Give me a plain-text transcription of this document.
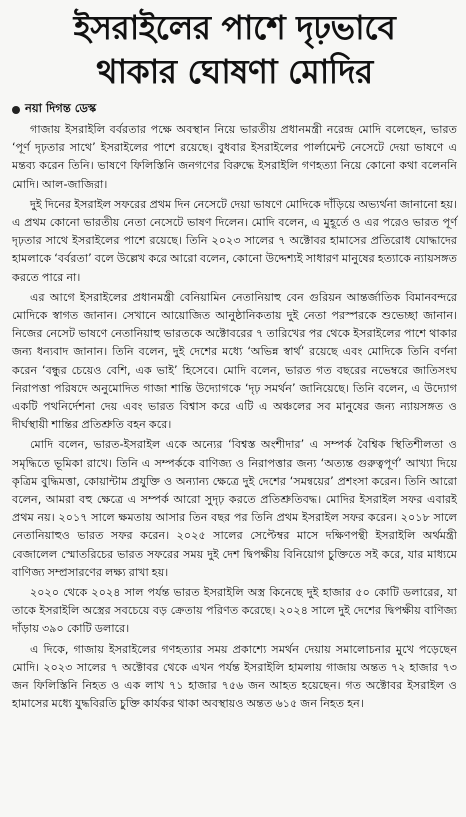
ইসরাইলের পাশে দৃঢ়ভাবে
থাকার ঘোষণা মোদির
নয়া দিগন্ত ডেস্ক

গাজায় ইসরাইলি বর্বরতার পক্ষে অবস্থান নিয়ে ভারতীয় প্রধানমন্ত্রী নরেন্দ্র মোদি বলেছেন, ভারত ‘পূর্ণ দৃঢ়তার সাথে’ ইসরাইলের পাশে রয়েছে। বুধবার ইসরাইলের পার্লামেন্ট নেসেটে দেয়া ভাষণে এ মন্তব্য করেন তিনি। ভাষণে ফিলিস্তিনি জনগণের বিরুদ্ধে ইসরাইলি গণহত্যা নিয়ে কোনো কথা বলেননি মোদি। আল-জাজিরা।

দুই দিনের ইসরাইল সফরের প্রথম দিন নেসেটে দেয়া ভাষণে মোদিকে দাঁড়িয়ে অভ্যর্থনা জানানো হয়। এ প্রথম কোনো ভারতীয় নেতা নেসেটে ভাষণ দিলেন। মোদি বলেন, এ মুহূর্তে ও এর পরেও ভারত পূর্ণ দৃঢ়তার সাথে ইসরাইলের পাশে রয়েছে। তিনি ২০২৩ সালের ৭ অক্টোবর হামাসের প্রতিরোধ যোদ্ধাদের হামলাকে ‘বর্বরতা’ বলে উল্লেখ করে আরো বলেন, কোনো উদ্দেশ্যই সাধারণ মানুষের হত্যাকে ন্যায়সঙ্গত করতে পারে না।

এর আগে ইসরাইলের প্রধানমন্ত্রী বেনিয়ামিন নেতানিয়াহু বেন গুরিয়ন আন্তর্জাতিক বিমানবন্দরে মোদিকে স্বাগত জানান। সেখানে আয়োজিত আনুষ্ঠানিকতায় দুই নেতা পরস্পরকে শুভেচ্ছা জানান। নিজের নেসেট ভাষণে নেতানিয়াহু ভারতকে অক্টোবরের ৭ তারিখের পর থেকে ইসরাইলের পাশে থাকার জন্য ধন্যবাদ জানান। তিনি বলেন, দুই দেশের মধ্যে ‘অভিন্ন স্বার্থ’ রয়েছে এবং মোদিকে তিনি বর্ণনা করেন ‘বন্ধুর চেয়েও বেশি, এক ভাই’ হিসেবে। মোদি বলেন, ভারত গত বছরের নভেম্বরে জাতিসংঘ নিরাপত্তা পরিষদে অনুমোদিত গাজা শান্তি উদ্যোগকে ‘দৃঢ় সমর্থন’ জানিয়েছে। তিনি বলেন, এ উদ্যোগ একটি পথনির্দেশনা দেয় এবং ভারত বিশ্বাস করে এটি এ অঞ্চলের সব মানুষের জন্য ন্যায়সঙ্গত ও দীর্ঘস্থায়ী শান্তির প্রতিশ্রুতি বহন করে।

মোদি বলেন, ভারত-ইসরাইল একে অন্যের ‘বিশ্বস্ত অংশীদার’ এ সম্পর্ক বৈশ্বিক স্থিতিশীলতা ও সমৃদ্ধিতে ভূমিকা রাখে। তিনি এ সম্পর্ককে বাণিজ্য ও নিরাপত্তার জন্য ‘অত্যন্ত গুরুত্বপূর্ণ’ আখ্যা দিয়ে কৃত্রিম বুদ্ধিমত্তা, কোয়ান্টাম প্রযুক্তি ও অন্যান্য ক্ষেত্রে দুই দেশের ‘সমন্বয়ের’ প্রশংসা করেন। তিনি আরো বলেন, আমরা বহু ক্ষেত্রে এ সম্পর্ক আরো সুদৃঢ় করতে প্রতিশ্রুতিবদ্ধ। মোদির ইসরাইল সফর এবারই প্রথম নয়। ২০১৭ সালে ক্ষমতায় আসার তিন বছর পর তিনি প্রথম ইসরাইল সফর করেন। ২০১৮ সালে নেতানিয়াহুও ভারত সফর করেন। ২০২৫ সালের সেপ্টেম্বর মাসে দক্ষিণপন্থী ইসরাইলি অর্থমন্ত্রী বেজালেল স্মোতরিচের ভারত সফরের সময় দুই দেশ দ্বিপক্ষীয় বিনিয়োগ চুক্তিতে সই করে, যার মাধ্যমে বাণিজ্য সম্প্রসারণের লক্ষ্য রাখা হয়।

২০২০ থেকে ২০২৪ সাল পর্যন্ত ভারত ইসরাইলি অস্ত্র কিনেছে দুই হাজার ৫০ কোটি ডলারের, যা তাকে ইসরাইলি অস্ত্রের সবচেয়ে বড় ক্রেতায় পরিণত করেছে। ২০২৪ সালে দুই দেশের দ্বিপক্ষীয় বাণিজ্য দাঁড়ায় ৩৯০ কোটি ডলারে।

এ দিকে, গাজায় ইসরাইলের গণহত্যার সময় প্রকাশ্যে সমর্থন দেয়ায় সমালোচনার মুখে পড়েছেন মোদি। ২০২৩ সালের ৭ অক্টোবর থেকে এখন পর্যন্ত ইসরাইলি হামলায় গাজায় অন্তত ৭২ হাজার ৭৩ জন ফিলিস্তিনি নিহত ও এক লাখ ৭১ হাজার ৭৫৬ জন আহত হয়েছেন। গত অক্টোবর ইসরাইল ও হামাসের মধ্যে যুদ্ধবিরতি চুক্তি কার্যকর থাকা অবস্থায়ও অন্তত ৬১৫ জন নিহত হন।
